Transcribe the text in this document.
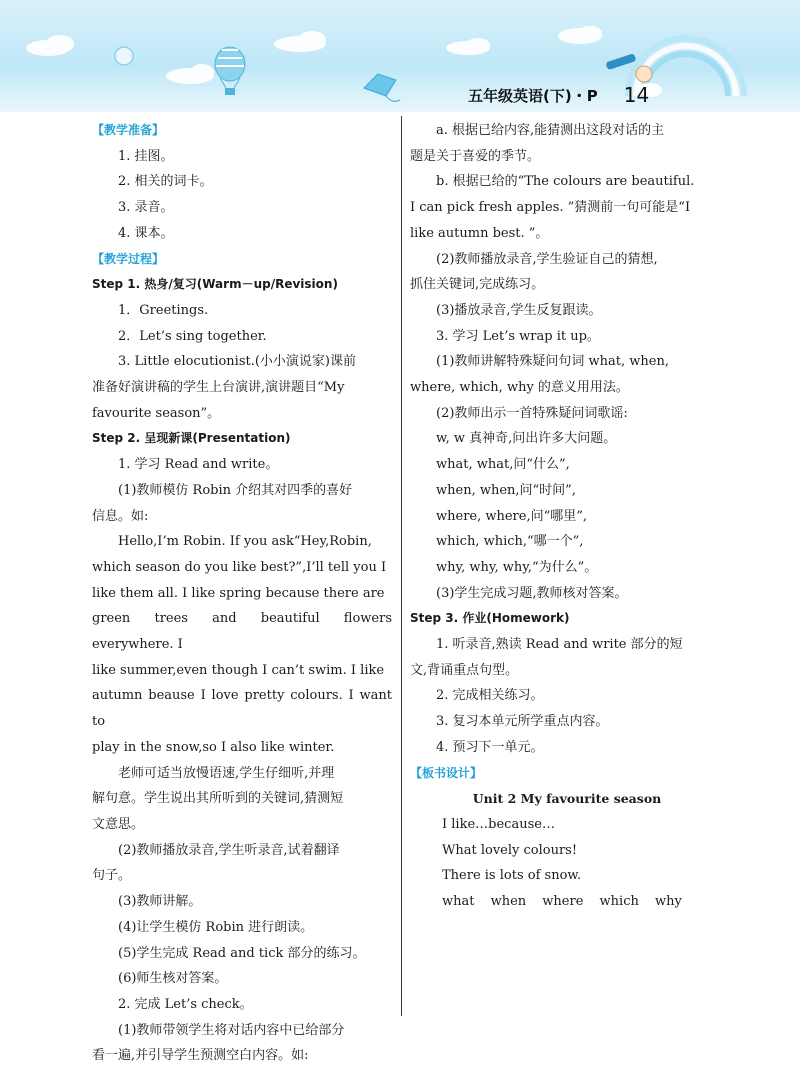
五年级英语(下)・P 14
【教学准备】

1. 挂图。

2. 相关的词卡。

3. 录音。

4. 课本。

【教学过程】
Step 1. 热身/复习(Warm－up/Revision)

1．Greetings.

2．Let’s sing together.

3. Little elocutionist.(小小演说家)课前

准备好演讲稿的学生上台演讲,演讲题目“My

favourite season”。

Step 2. 呈现新课(Presentation)

1. 学习 Read and write。

(1)教师模仿 Robin 介绍其对四季的喜好

信息。如:

Hello,I’m Robin. If you ask“Hey,Robin,

which season do you like best?”,I’ll tell you I

like them all. I like spring because there are

green trees and beautiful flowers everywhere. I

like summer,even though I can’t swim. I like

autumn beause I love pretty colours. I want to

play in the snow,so I also like winter.

老师可适当放慢语速,学生仔细听,并理

解句意。学生说出其所听到的关键词,猜测短

文意思。

(2)教师播放录音,学生听录音,试着翻译

句子。

(3)教师讲解。

(4)让学生模仿 Robin 进行朗读。

(5)学生完成 Read and tick 部分的练习。

(6)师生核对答案。

2. 完成 Let’s check。

(1)教师带领学生将对话内容中已给部分

看一遍,并引导学生预测空白内容。如:

a. 根据已给内容,能猜测出这段对话的主

题是关于喜爱的季节。

b. 根据已给的“The colours are beautiful.

I can pick fresh apples. ”猜测前一句可能是“I

like autumn best. ”。

(2)教师播放录音,学生验证自己的猜想,

抓住关键词,完成练习。

(3)播放录音,学生反复跟读。

3. 学习 Let’s wrap it up。

(1)教师讲解特殊疑问句词 what, when,

where, which, why 的意义用用法。

(2)教师出示一首特殊疑问词歌谣:

w, w 真神奇,问出许多大问题。

what, what,问“什么”,

when, when,问“时间”,

where, where,问“哪里”,

which, which,“哪一个”,

why, why, why,“为什么”。

(3)学生完成习题,教师核对答案。

Step 3. 作业(Homework)

1. 听录音,熟读 Read and write 部分的短

文,背诵重点句型。

2. 完成相关练习。

3. 复习本单元所学重点内容。

4. 预习下一单元。

【板书设计】
Unit 2 My favourite season

I like…because…

What lovely colours!

There is lots of snow.

what when where which why
